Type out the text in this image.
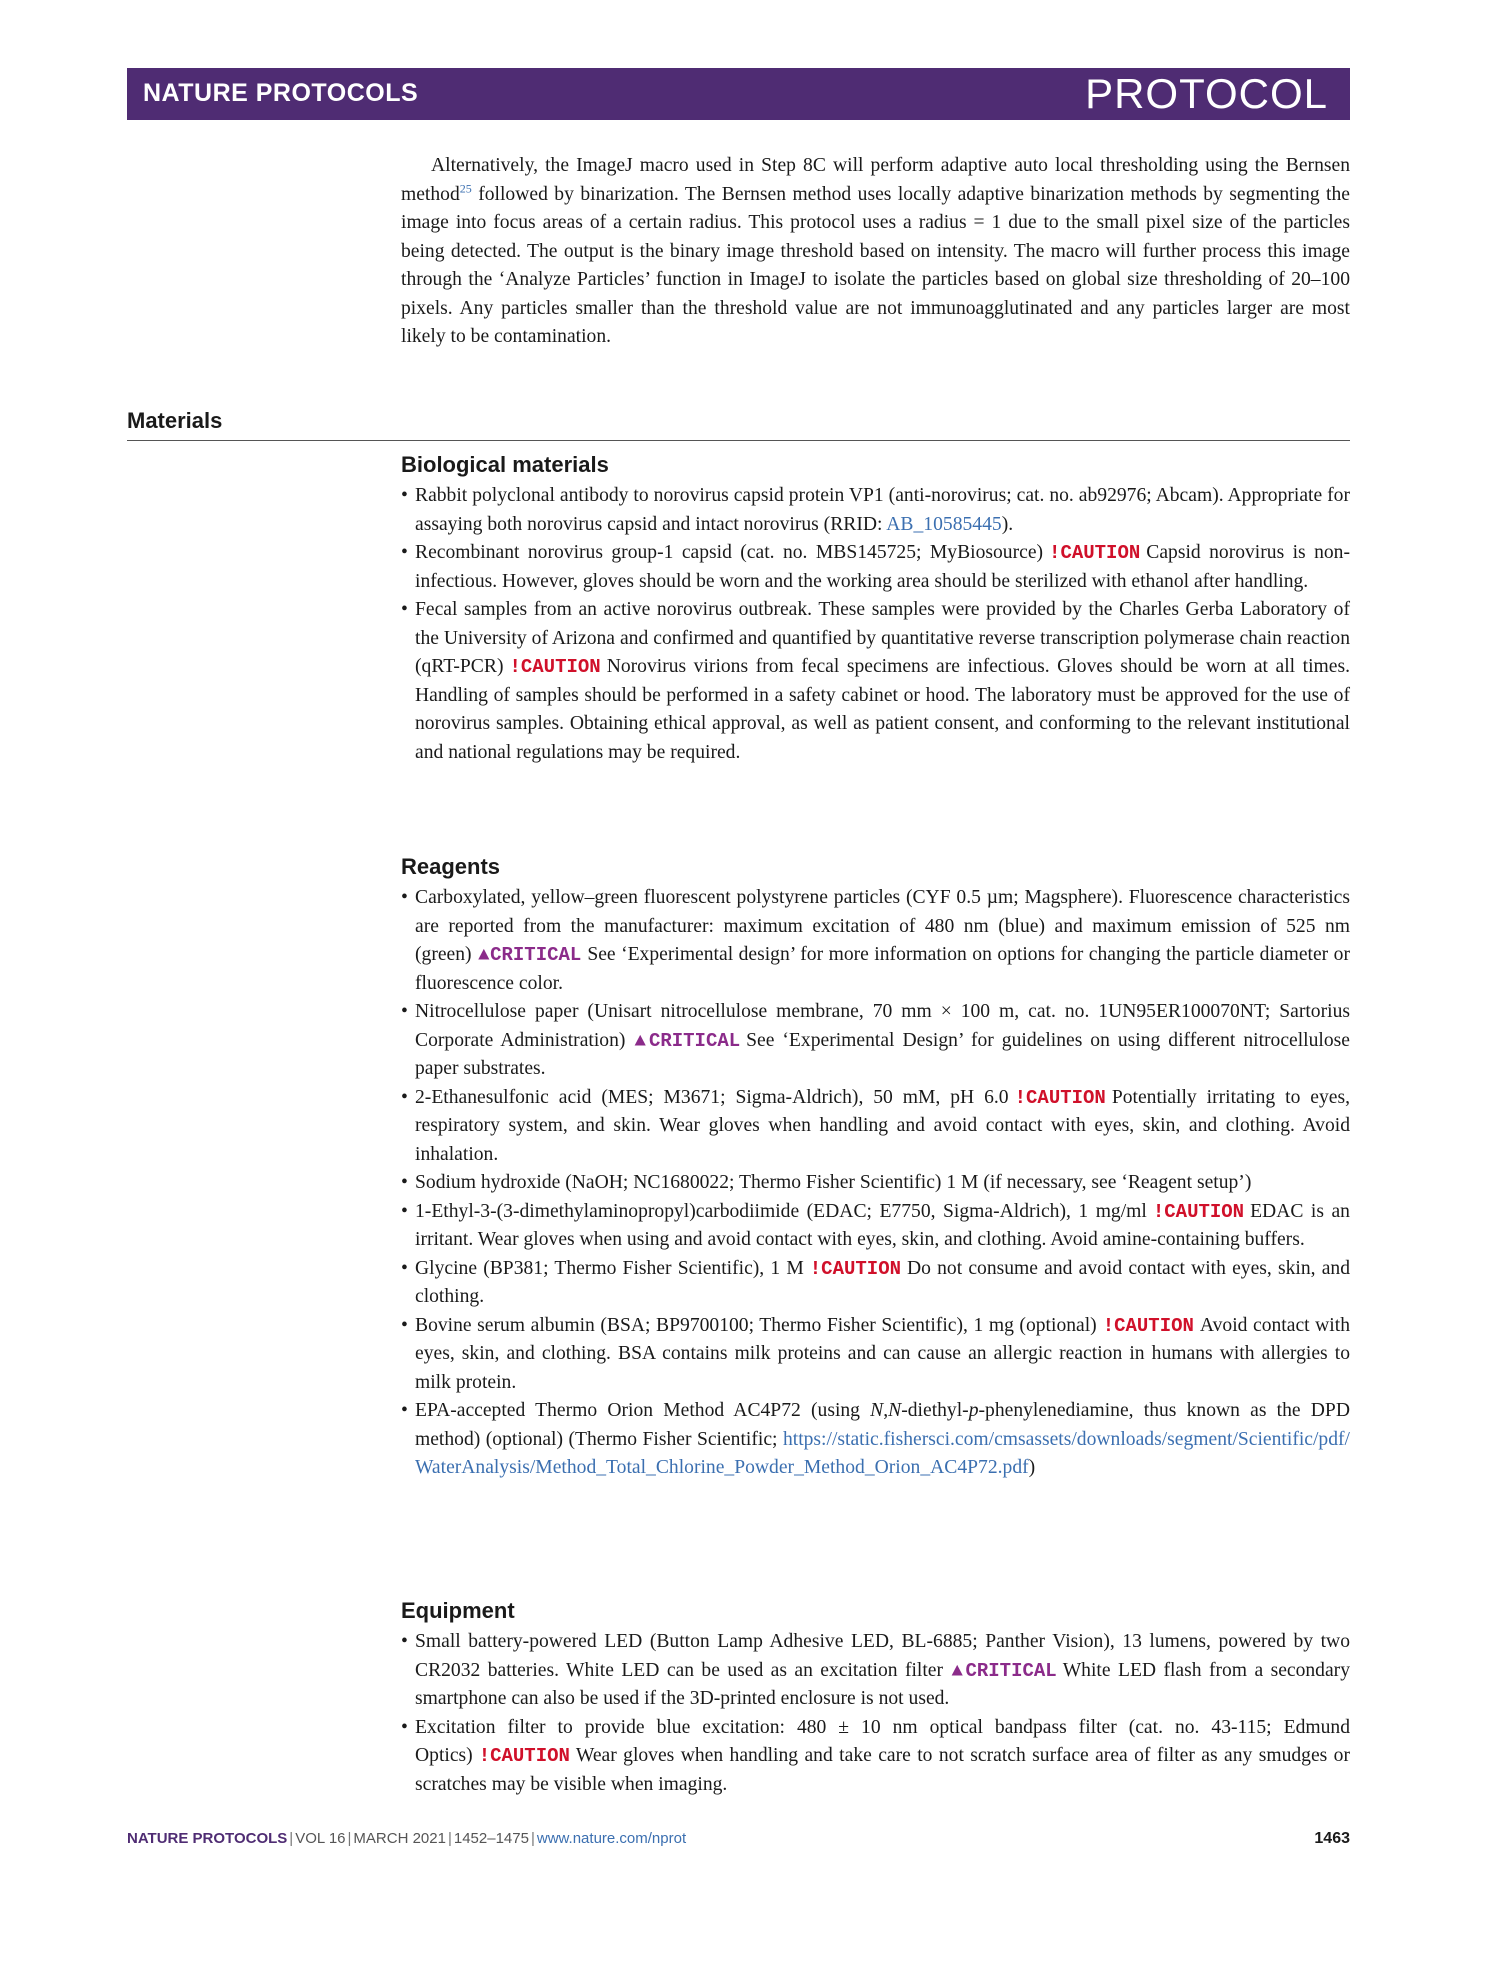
NATURE PROTOCOLS	PROTOCOL

Alternatively, the ImageJ macro used in Step 8C will perform adaptive auto local thresholding using the Bernsen method$^{25}$ followed by binarization. The Bernsen method uses locally adaptive binarization methods by segmenting the image into focus areas of a certain radius. This protocol uses a radius = 1 due to the small pixel size of the particles being detected. The output is the binary image threshold based on intensity. The macro will further process this image through the ‘Analyze Particles’ function in ImageJ to isolate the particles based on global size thresholding of 20–100 pixels. Any particles smaller than the threshold value are not immunoagglutinated and any particles larger are most likely to be contamination.

Materials
Biological materials
• Rabbit polyclonal antibody to norovirus capsid protein VP1 (anti-norovirus; cat. no. ab92976; Abcam). Appropriate for assaying both norovirus capsid and intact norovirus (RRID: AB_10585445).
• Recombinant norovirus group-1 capsid (cat. no. MBS145725; MyBiosource) !CAUTION Capsid norovirus is non-infectious. However, gloves should be worn and the working area should be sterilized with ethanol after handling.
• Fecal samples from an active norovirus outbreak. These samples were provided by the Charles Gerba Laboratory of the University of Arizona and confirmed and quantified by quantitative reverse transcription polymerase chain reaction (qRT-PCR) !CAUTION Norovirus virions from fecal specimens are infectious. Gloves should be worn at all times. Handling of samples should be performed in a safety cabinet or hood. The laboratory must be approved for the use of norovirus samples. Obtaining ethical approval, as well as patient consent, and conforming to the relevant institutional and national regulations may be required.
Reagents
• Carboxylated, yellow–green fluorescent polystyrene particles (CYF 0.5 µm; Magsphere). Fluorescence characteristics are reported from the manufacturer: maximum excitation of 480 nm (blue) and maximum emission of 525 nm (green) ▲CRITICAL See ‘Experimental design’ for more information on options for changing the particle diameter or fluorescence color.
• Nitrocellulose paper (Unisart nitrocellulose membrane, 70 mm × 100 m, cat. no. 1UN95ER100070NT; Sartorius Corporate Administration) ▲CRITICAL See ‘Experimental Design’ for guidelines on using different nitrocellulose paper substrates.
• 2-Ethanesulfonic acid (MES; M3671; Sigma-Aldrich), 50 mM, pH 6.0 !CAUTION Potentially irritating to eyes, respiratory system, and skin. Wear gloves when handling and avoid contact with eyes, skin, and clothing. Avoid inhalation.
• Sodium hydroxide (NaOH; NC1680022; Thermo Fisher Scientific) 1 M (if necessary, see ‘Reagent setup’)
• 1-Ethyl-3-(3-dimethylaminopropyl)carbodiimide (EDAC; E7750, Sigma-Aldrich), 1 mg/ml !CAUTION EDAC is an irritant. Wear gloves when using and avoid contact with eyes, skin, and clothing. Avoid amine-containing buffers.
• Glycine (BP381; Thermo Fisher Scientific), 1 M !CAUTION Do not consume and avoid contact with eyes, skin, and clothing.
• Bovine serum albumin (BSA; BP9700100; Thermo Fisher Scientific), 1 mg (optional) !CAUTION Avoid contact with eyes, skin, and clothing. BSA contains milk proteins and can cause an allergic reaction in humans with allergies to milk protein.
• EPA-accepted Thermo Orion Method AC4P72 (using N,N-diethyl-p-phenylenediamine, thus known as the DPD method) (optional) (Thermo Fisher Scientific; https://static.fishersci.com/cmsassets/downloads/segment/Scientific/pdf/WaterAnalysis/Method_Total_Chlorine_Powder_Method_Orion_AC4P72.pdf)
Equipment
• Small battery-powered LED (Button Lamp Adhesive LED, BL-6885; Panther Vision), 13 lumens, powered by two CR2032 batteries. White LED can be used as an excitation filter ▲CRITICAL White LED flash from a secondary smartphone can also be used if the 3D-printed enclosure is not used.
• Excitation filter to provide blue excitation: 480 ± 10 nm optical bandpass filter (cat. no. 43-115; Edmund Optics) !CAUTION Wear gloves when handling and take care to not scratch surface area of filter as any smudges or scratches may be visible when imaging.
NATURE PROTOCOLS | VOL 16 | MARCH 2021 | 1452–1475 | www.nature.com/nprot	1463
